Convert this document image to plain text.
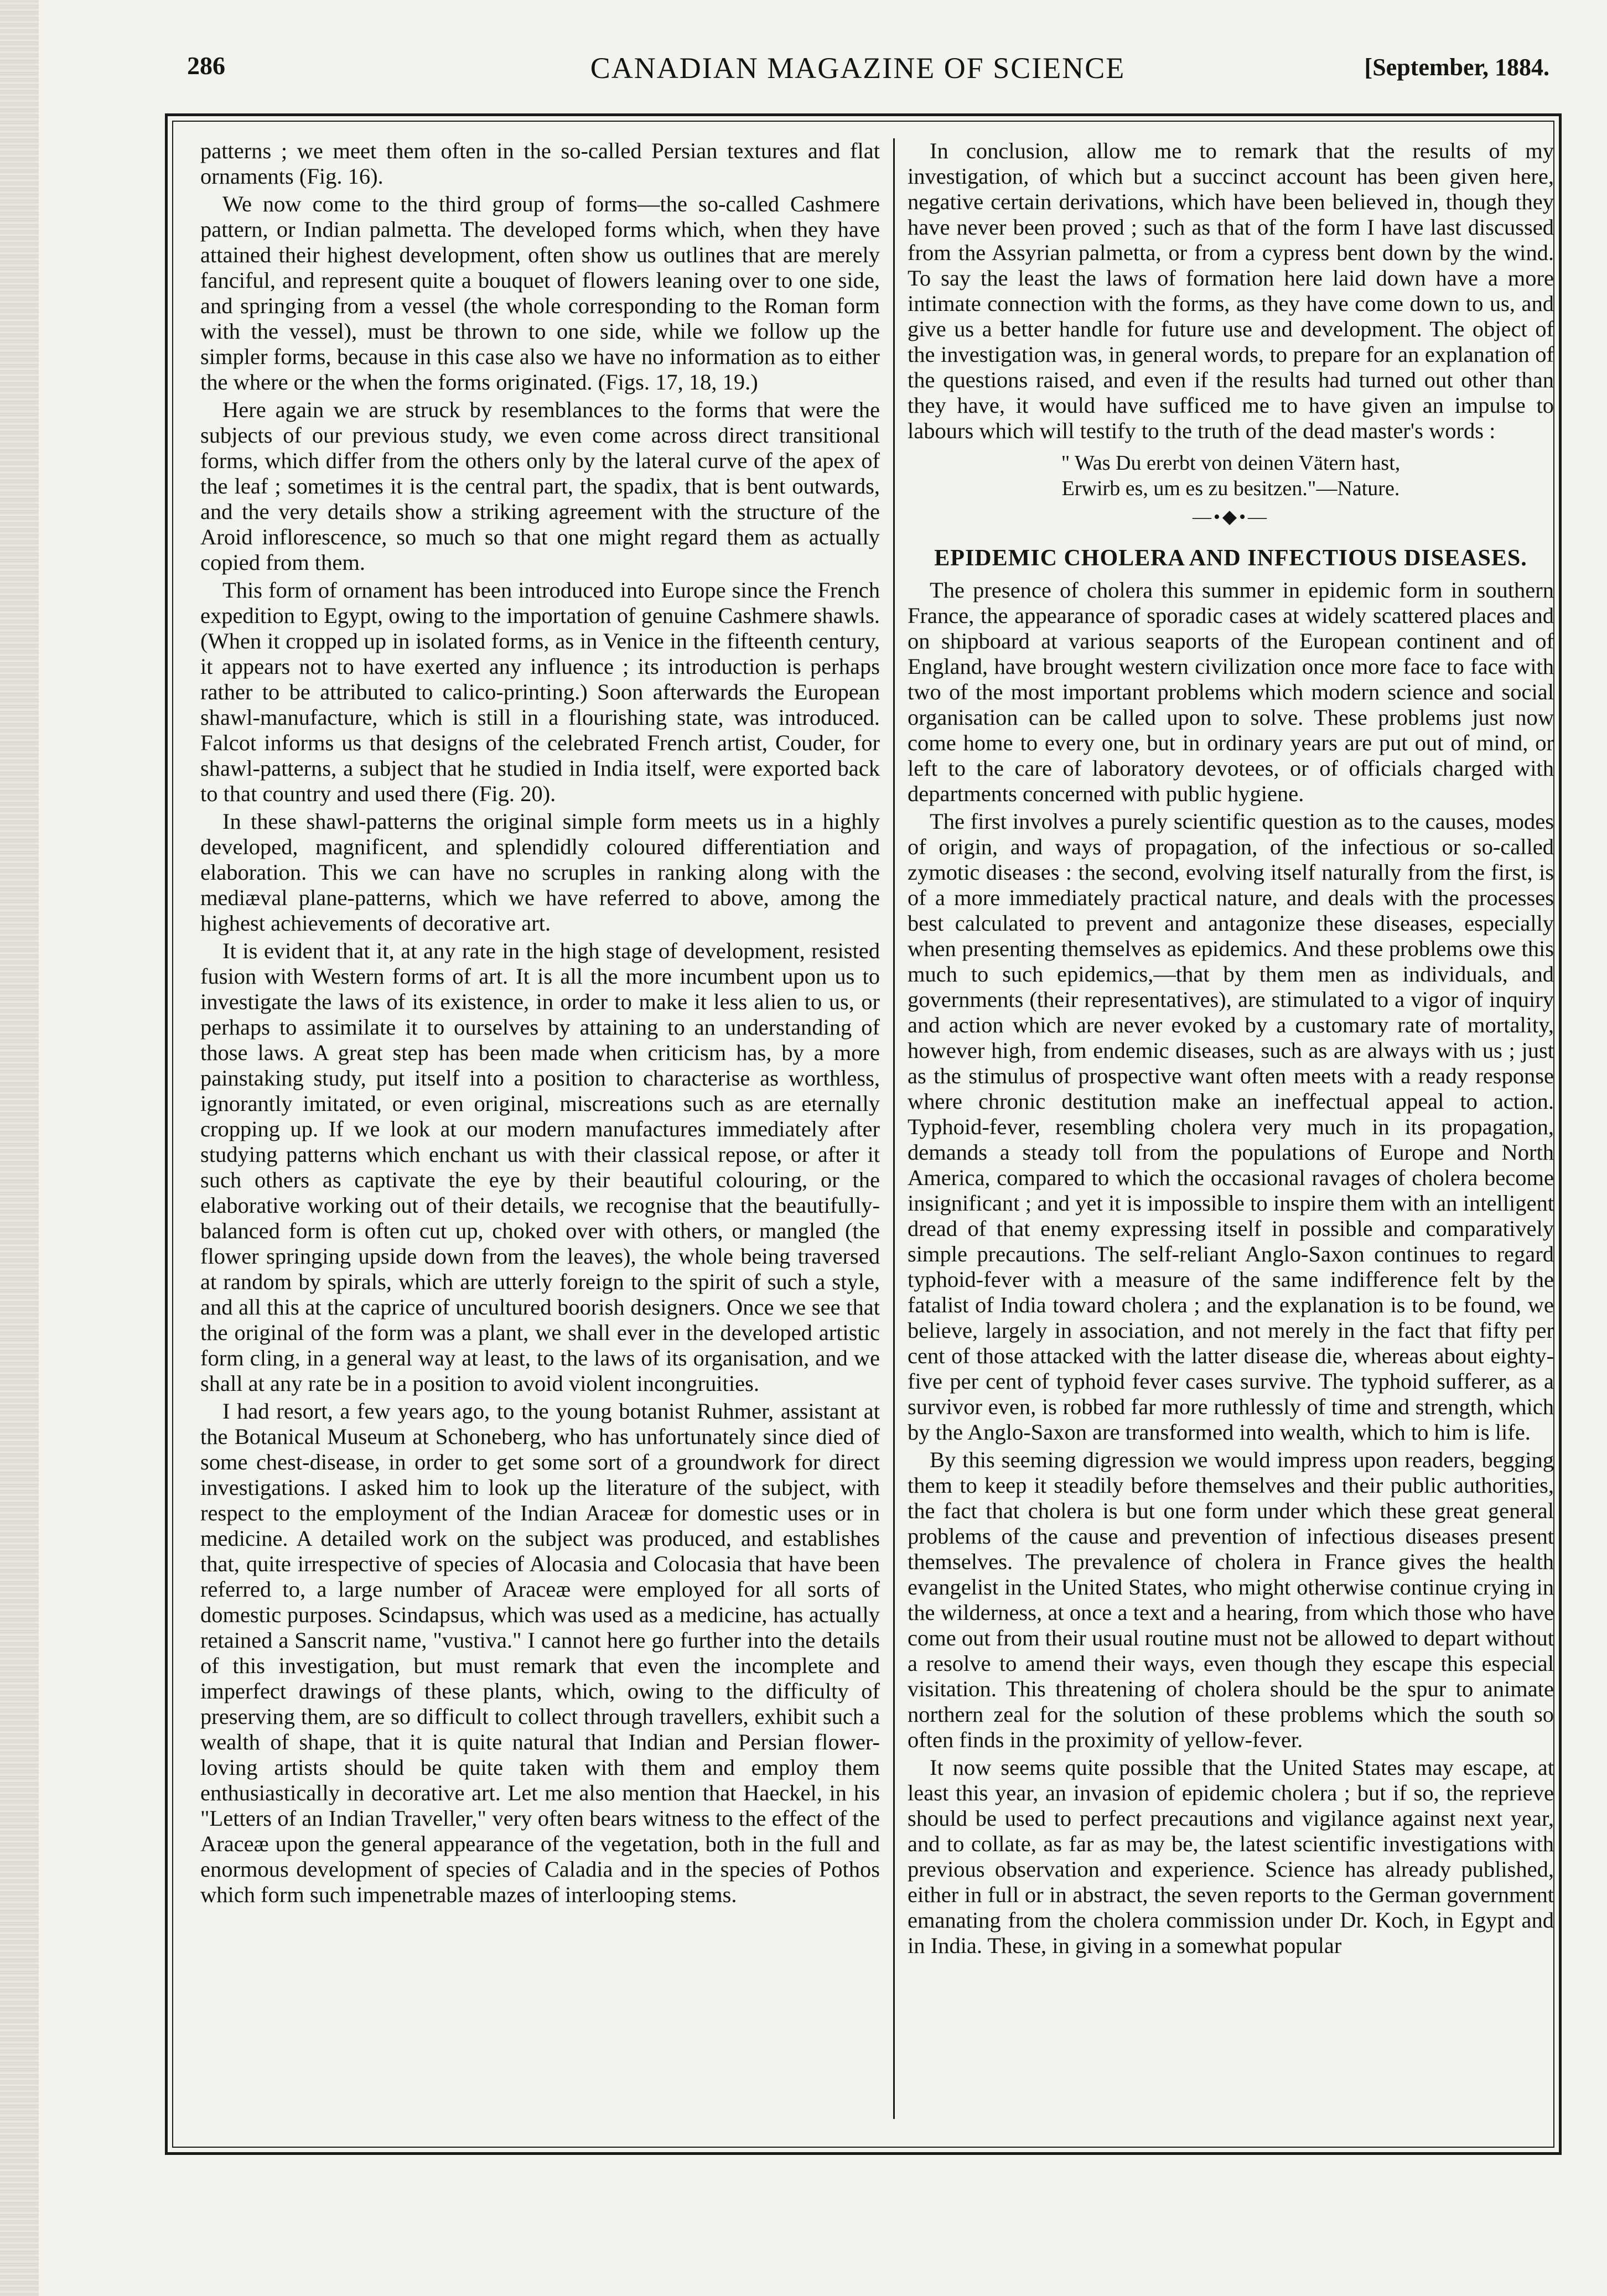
286	CANADIAN MAGAZINE OF SCIENCE	[September, 1884.

patterns ; we meet them often in the so-called Persian textures and flat ornaments (Fig. 16).

We now come to the third group of forms—the so-called Cashmere pattern, or Indian palmetta. The developed forms which, when they have attained their highest development, often show us outlines that are merely fanciful, and represent quite a bouquet of flowers leaning over to one side, and springing from a vessel (the whole corresponding to the Roman form with the vessel), must be thrown to one side, while we follow up the simpler forms, because in this case also we have no information as to either the where or the when the forms originated. (Figs. 17, 18, 19.)

Here again we are struck by resemblances to the forms that were the subjects of our previous study, we even come across direct transitional forms, which differ from the others only by the lateral curve of the apex of the leaf ; sometimes it is the central part, the spadix, that is bent outwards, and the very details show a striking agreement with the structure of the Aroid inflorescence, so much so that one might regard them as actually copied from them.

This form of ornament has been introduced into Europe since the French expedition to Egypt, owing to the importation of genuine Cashmere shawls. (When it cropped up in isolated forms, as in Venice in the fifteenth century, it appears not to have exerted any influence ; its introduction is perhaps rather to be attributed to calico-printing.) Soon afterwards the European shawl-manufacture, which is still in a flourishing state, was introduced. Falcot informs us that designs of the celebrated French artist, Couder, for shawl-patterns, a subject that he studied in India itself, were exported back to that country and used there (Fig. 20).

In these shawl-patterns the original simple form meets us in a highly developed, magnificent, and splendidly coloured differentiation and elaboration. This we can have no scruples in ranking along with the mediæval plane-patterns, which we have referred to above, among the highest achievements of decorative art.

It is evident that it, at any rate in the high stage of development, resisted fusion with Western forms of art. It is all the more incumbent upon us to investigate the laws of its existence, in order to make it less alien to us, or perhaps to assimilate it to ourselves by attaining to an understanding of those laws. A great step has been made when criticism has, by a more painstaking study, put itself into a position to characterise as worthless, ignorantly imitated, or even original, miscreations such as are eternally cropping up. If we look at our modern manufactures immediately after studying patterns which enchant us with their classical repose, or after it such others as captivate the eye by their beautiful colouring, or the elaborative working out of their details, we recognise that the beautifully-balanced form is often cut up, choked over with others, or mangled (the flower springing upside down from the leaves), the whole being traversed at random by spirals, which are utterly foreign to the spirit of such a style, and all this at the caprice of uncultured boorish designers. Once we see that the original of the form was a plant, we shall ever in the developed artistic form cling, in a general way at least, to the laws of its organisation, and we shall at any rate be in a position to avoid violent incongruities.

I had resort, a few years ago, to the young botanist Ruhmer, assistant at the Botanical Museum at Schoneberg, who has unfortunately since died of some chest-disease, in order to get some sort of a groundwork for direct investigations. I asked him to look up the literature of the subject, with respect to the employment of the Indian Araceæ for domestic uses or in medicine. A detailed work on the subject was produced, and establishes that, quite irrespective of species of Alocasia and Colocasia that have been referred to, a large number of Araceæ were employed for all sorts of domestic purposes. Scindapsus, which was used as a medicine, has actually retained a Sanscrit name, "vustiva." I cannot here go further into the details of this investigation, but must remark that even the incomplete and imperfect drawings of these plants, which, owing to the difficulty of preserving them, are so difficult to collect through travellers, exhibit such a wealth of shape, that it is quite natural that Indian and Persian flower-loving artists should be quite taken with them and employ them enthusiastically in decorative art. Let me also mention that Haeckel, in his "Letters of an Indian Traveller," very often bears witness to the effect of the Araceæ upon the general appearance of the vegetation, both in the full and enormous development of species of Caladia and in the species of Pothos which form such impenetrable mazes of interlooping stems.

In conclusion, allow me to remark that the results of my investigation, of which but a succinct account has been given here, negative certain derivations, which have been believed in, though they have never been proved ; such as that of the form I have last discussed from the Assyrian palmetta, or from a cypress bent down by the wind. To say the least the laws of formation here laid down have a more intimate connection with the forms, as they have come down to us, and give us a better handle for future use and development. The object of the investigation was, in general words, to prepare for an explanation of the questions raised, and even if the results had turned out other than they have, it would have sufficed me to have given an impulse to labours which will testify to the truth of the dead master's words :

" Was Du ererbt von deinen Vätern hast,
Erwirb es, um es zu besitzen."—Nature.
—•◆•—
EPIDEMIC CHOLERA AND INFECTIOUS DISEASES.

The presence of cholera this summer in epidemic form in southern France, the appearance of sporadic cases at widely scattered places and on shipboard at various seaports of the European continent and of England, have brought western civilization once more face to face with two of the most important problems which modern science and social organisation can be called upon to solve. These problems just now come home to every one, but in ordinary years are put out of mind, or left to the care of laboratory devotees, or of officials charged with departments concerned with public hygiene.

The first involves a purely scientific question as to the causes, modes of origin, and ways of propagation, of the infectious or so-called zymotic diseases : the second, evolving itself naturally from the first, is of a more immediately practical nature, and deals with the processes best calculated to prevent and antagonize these diseases, especially when presenting themselves as epidemics. And these problems owe this much to such epidemics,—that by them men as individuals, and governments (their representatives), are stimulated to a vigor of inquiry and action which are never evoked by a customary rate of mortality, however high, from endemic diseases, such as are always with us ; just as the stimulus of prospective want often meets with a ready response where chronic destitution make an ineffectual appeal to action. Typhoid-fever, resembling cholera very much in its propagation, demands a steady toll from the populations of Europe and North America, compared to which the occasional ravages of cholera become insignificant ; and yet it is impossible to inspire them with an intelligent dread of that enemy expressing itself in possible and comparatively simple precautions. The self-reliant Anglo-Saxon continues to regard typhoid-fever with a measure of the same indifference felt by the fatalist of India toward cholera ; and the explanation is to be found, we believe, largely in association, and not merely in the fact that fifty per cent of those attacked with the latter disease die, whereas about eighty-five per cent of typhoid fever cases survive. The typhoid sufferer, as a survivor even, is robbed far more ruthlessly of time and strength, which by the Anglo-Saxon are transformed into wealth, which to him is life.

By this seeming digression we would impress upon readers, begging them to keep it steadily before themselves and their public authorities, the fact that cholera is but one form under which these great general problems of the cause and prevention of infectious diseases present themselves. The prevalence of cholera in France gives the health evangelist in the United States, who might otherwise continue crying in the wilderness, at once a text and a hearing, from which those who have come out from their usual routine must not be allowed to depart without a resolve to amend their ways, even though they escape this especial visitation. This threatening of cholera should be the spur to animate northern zeal for the solution of these problems which the south so often finds in the proximity of yellow-fever.

It now seems quite possible that the United States may escape, at least this year, an invasion of epidemic cholera ; but if so, the reprieve should be used to perfect precautions and vigilance against next year, and to collate, as far as may be, the latest scientific investigations with previous observation and experience. Science has already published, either in full or in abstract, the seven reports to the German government emanating from the cholera commission under Dr. Koch, in Egypt and in India. These, in giving in a somewhat popular
